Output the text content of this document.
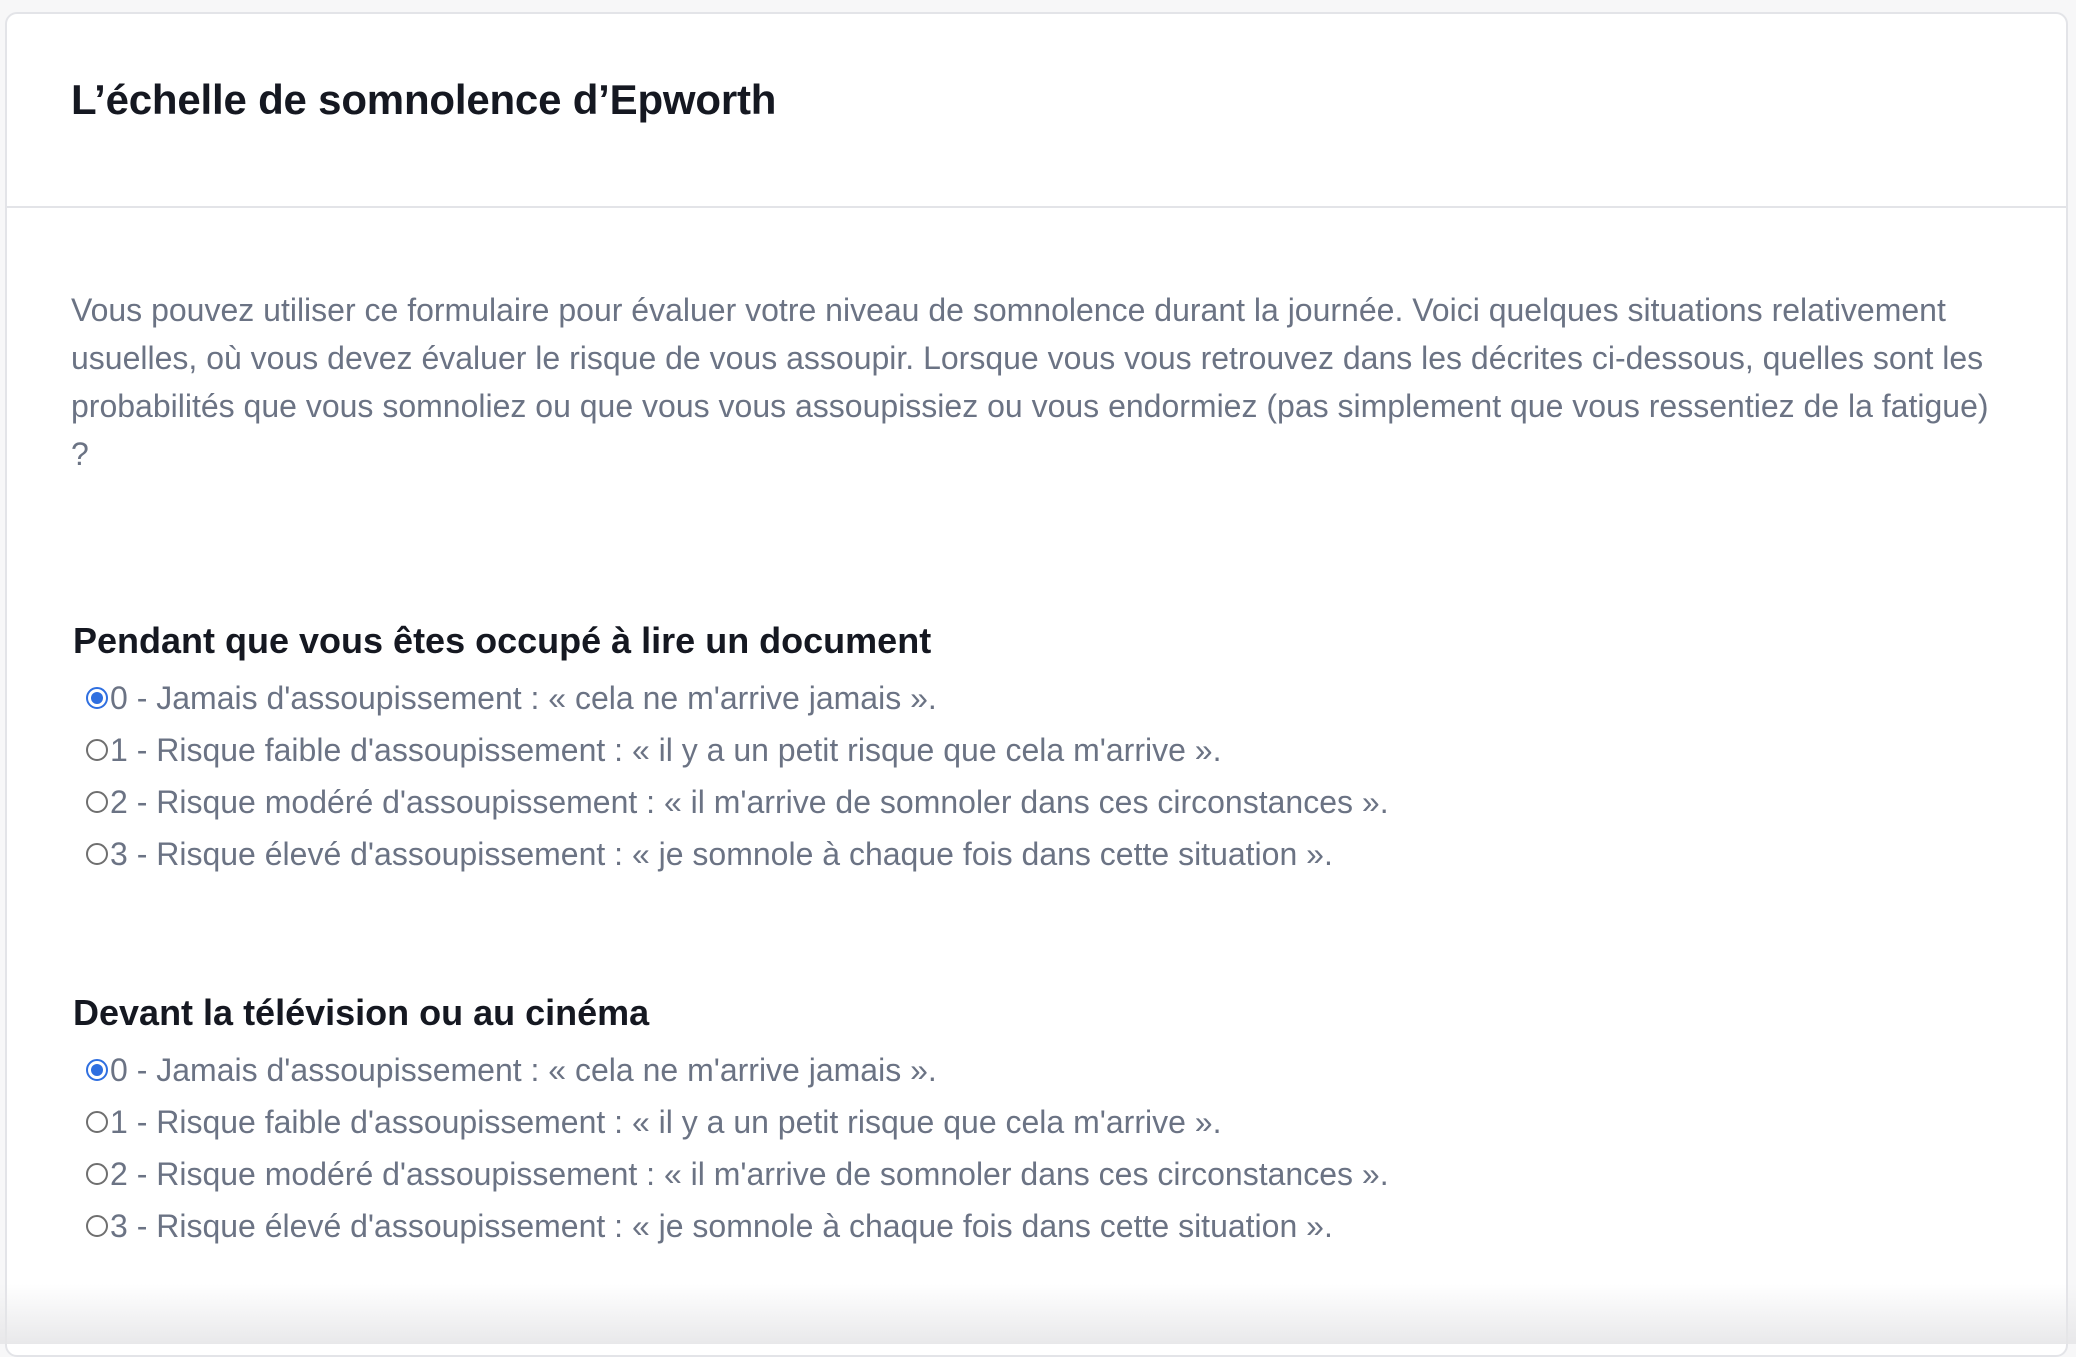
L’échelle de somnolence d’Epworth

Vous pouvez utiliser ce formulaire pour évaluer votre niveau de somnolence durant la journée. Voici quelques situations relativement usuelles, où vous devez évaluer le risque de vous assoupir. Lorsque vous vous retrouvez dans les décrites ci-dessous, quelles sont les probabilités que vous somnoliez ou que vous vous assoupissiez ou vous endormiez (pas simplement que vous ressentiez de la fatigue) ?

Pendant que vous êtes occupé à lire un document
0 - Jamais d'assoupissement : « cela ne m'arrive jamais ».
1 - Risque faible d'assoupissement : « il y a un petit risque que cela m'arrive ».
2 - Risque modéré d'assoupissement : « il m'arrive de somnoler dans ces circonstances ».
3 - Risque élevé d'assoupissement : « je somnole à chaque fois dans cette situation ».
Devant la télévision ou au cinéma
0 - Jamais d'assoupissement : « cela ne m'arrive jamais ».
1 - Risque faible d'assoupissement : « il y a un petit risque que cela m'arrive ».
2 - Risque modéré d'assoupissement : « il m'arrive de somnoler dans ces circonstances ».
3 - Risque élevé d'assoupissement : « je somnole à chaque fois dans cette situation ».
